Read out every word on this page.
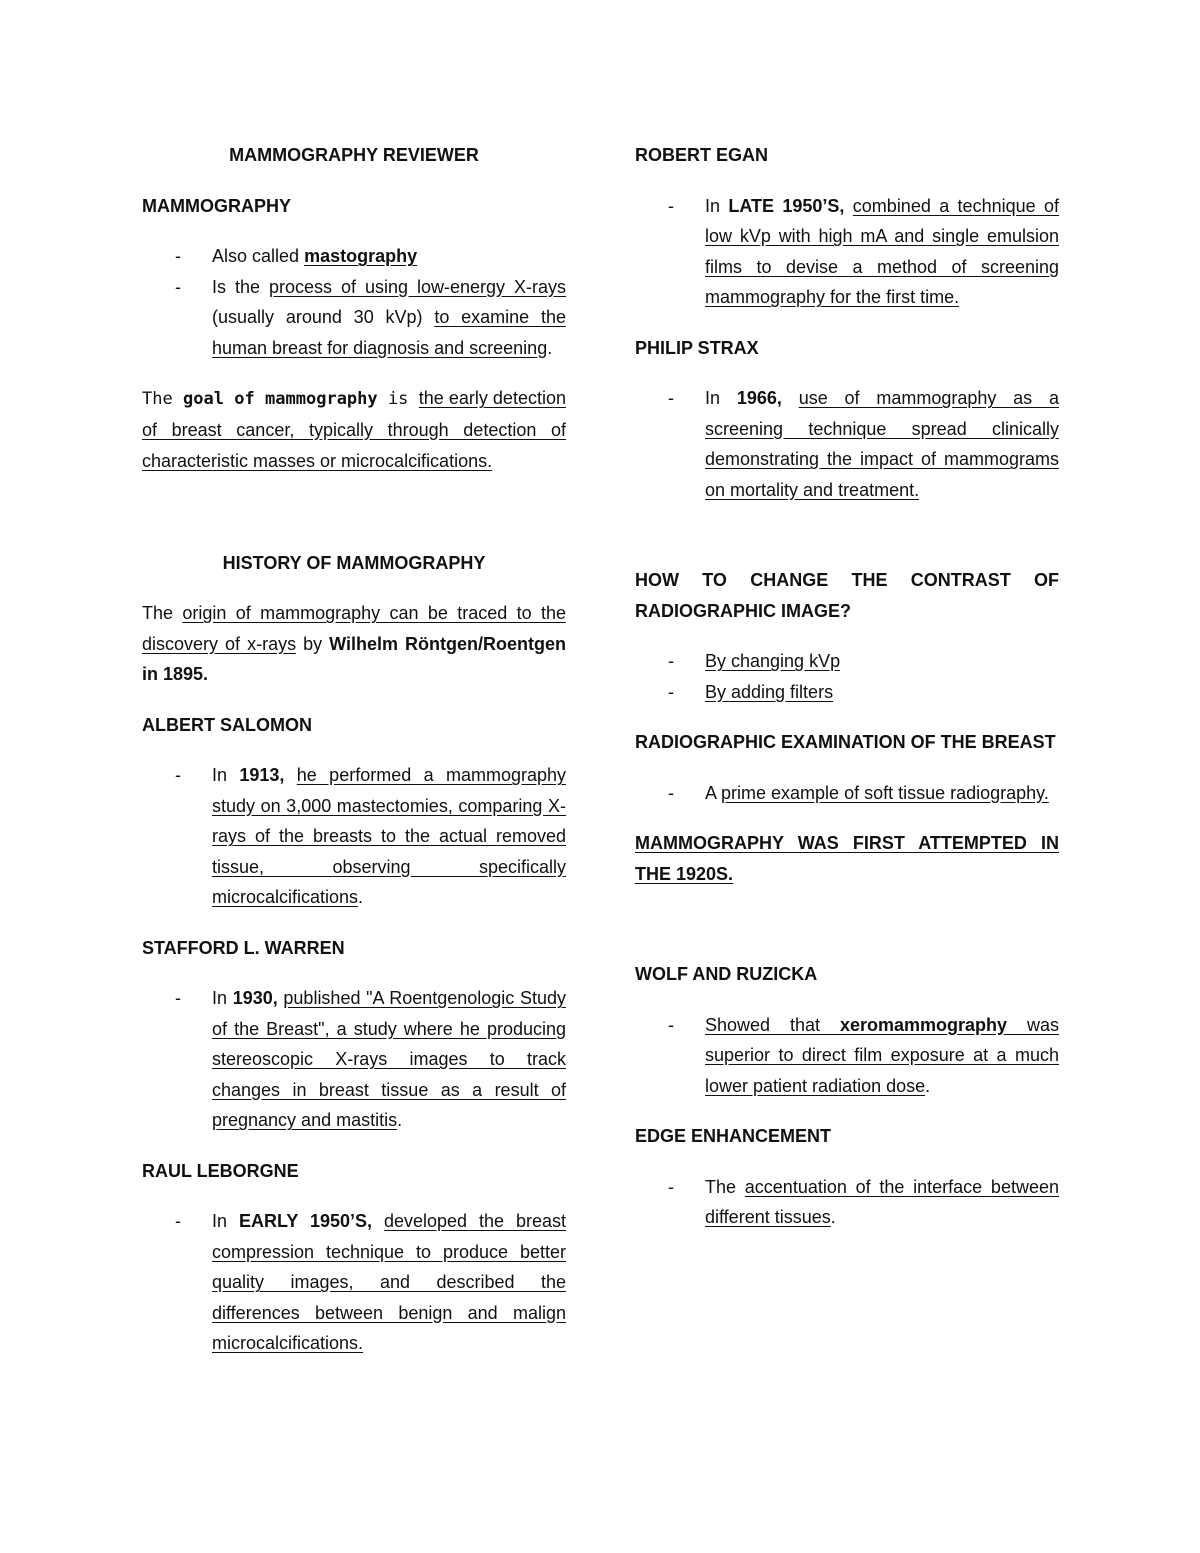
MAMMOGRAPHY REVIEWER

MAMMOGRAPHY

- Also called mastography
- Is the process of using low-energy X-rays (usually around 30 kVp) to examine the human breast for diagnosis and screening.

The goal of mammography is the early detection of breast cancer, typically through detection of characteristic masses or microcalcifications.

HISTORY OF MAMMOGRAPHY

The origin of mammography can be traced to the discovery of x-rays by Wilhelm Röntgen/Roentgen in 1895.

ALBERT SALOMON

- In 1913, he performed a mammography study on 3,000 mastectomies, comparing X-rays of the breasts to the actual removed tissue, observing specifically microcalcifications.

STAFFORD L. WARREN

- In 1930, published "A Roentgenologic Study of the Breast", a study where he producing stereoscopic X-rays images to track changes in breast tissue as a result of pregnancy and mastitis.

RAUL LEBORGNE

- In EARLY 1950’S, developed the breast compression technique to produce better quality images, and described the differences between benign and malign microcalcifications.

ROBERT EGAN

- In LATE 1950’S, combined a technique of low kVp with high mA and single emulsion films to devise a method of screening mammography for the first time.

PHILIP STRAX

- In 1966, use of mammography as a screening technique spread clinically demonstrating the impact of mammograms on mortality and treatment.

HOW TO CHANGE THE CONTRAST OF RADIOGRAPHIC IMAGE?

- By changing kVp
- By adding filters

RADIOGRAPHIC EXAMINATION OF THE BREAST

- A prime example of soft tissue radiography.

MAMMOGRAPHY WAS FIRST ATTEMPTED IN THE 1920S.

WOLF AND RUZICKA

- Showed that xeromammography was superior to direct film exposure at a much lower patient radiation dose.

EDGE ENHANCEMENT

- The accentuation of the interface between different tissues.
